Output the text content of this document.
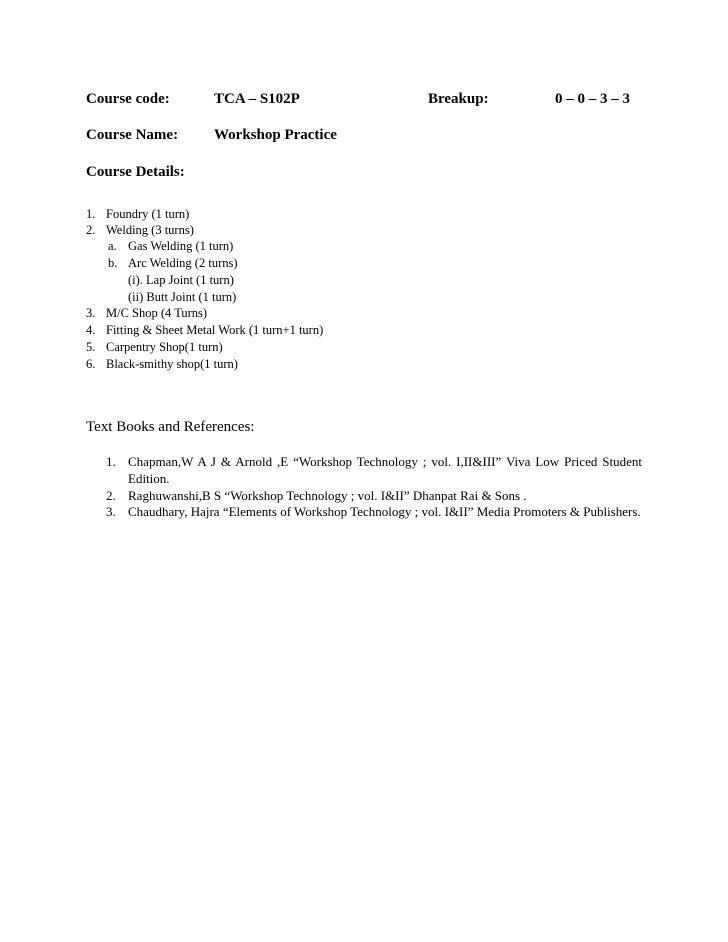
Course code:	TCA – S102P	Breakup:	0 – 0 – 3 – 3
Course Name: Workshop Practice
Course Details:
1. Foundry (1 turn)
2. Welding (3 turns)
a. Gas Welding (1 turn)
b. Arc Welding (2 turns)
(i). Lap Joint (1 turn)
(ii) Butt Joint (1 turn)
3. M/C Shop (4 Turns)
4. Fitting & Sheet Metal Work (1 turn+1 turn)
5. Carpentry Shop(1 turn)
6. Black-smithy shop(1 turn)
Text Books and References:
1. Chapman,W A J & Arnold ,E “Workshop Technology ; vol. I,II&III” Viva Low Priced Student Edition.
2. Raghuwanshi,B S “Workshop Technology ; vol. I&II” Dhanpat Rai & Sons .
3. Chaudhary, Hajra “Elements of Workshop Technology ; vol. I&II” Media Promoters & Publishers.
